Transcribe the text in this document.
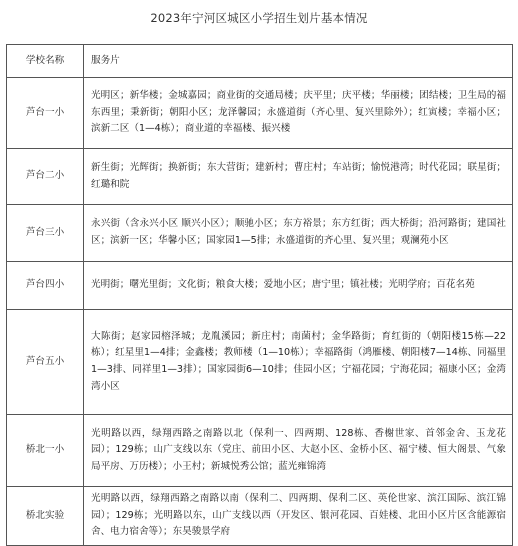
2023年宁河区城区小学招生划片基本情况
学校名称	服务片
芦台一小	光明区；新华楼；金城嘉园；商业街的交通局楼；庆平里；庆平楼；华丽楼；团结楼；卫生局的福东西里；秉新街；朝阳小区；龙泽馨园；永盛道街（齐心里、复兴里除外）；红寅楼；幸福小区；滨新二区（1—4栋）；商业道的幸福楼、振兴楼
芦台二小	新生街；光辉街；换新街；东大营街；建新村；曹庄村；车站街；愉悦港湾；时代花园；联星街；红璐和院
芦台三小	永兴街（含永兴小区 顺兴小区）；顺驰小区；东方裕景；东方红街；西大桥街；沿河路街；建国社区；滨新一区；华馨小区；国家园1—5排；永盛道街的齐心里、复兴里；观澜苑小区
芦台四小	光明街；曙光里街；文化街；粮食大楼；爱地小区；唐宁里；镇社楼；光明学府；百花名苑
芦台五小	大陈街；赵家园榕泽城；龙胤溪园；新庄村；南菌村；金华路街；育红街的（朝阳楼15栋—22栋）；红星里1—4排；金鑫楼；教师楼（1—10栋）；幸福路街（鸿雁楼、朝阳楼7—14栋、同福里1—3排、同祥里1—3排）；国家园街6—10排；佳园小区；宁福花园；宁海花园；福康小区；金湾湾小区
桥北一小	光明路以西，绿翔西路之南路以北（保利一、四两期、128栋、香榭世家、首邻金舍、玉龙花园）；129栋；山广支线以东（党庄、前田小区、大赵小区、金桥小区、福宁楼、恒大阁景、气象局平房、万历楼）；小王村；新城悦秀公馆；蓝光雍锦湾
桥北实验	光明路以西，绿翔西路之南路以南（保利二、四两期、保利二区、英伦世家、滨江国际、滨江锦园）；129栋；光明路以东，山广支线以西（开发区、银河花园、百娃楼、北田小区片区含能源宿舍、电力宿舍等）；东昊骏景学府
